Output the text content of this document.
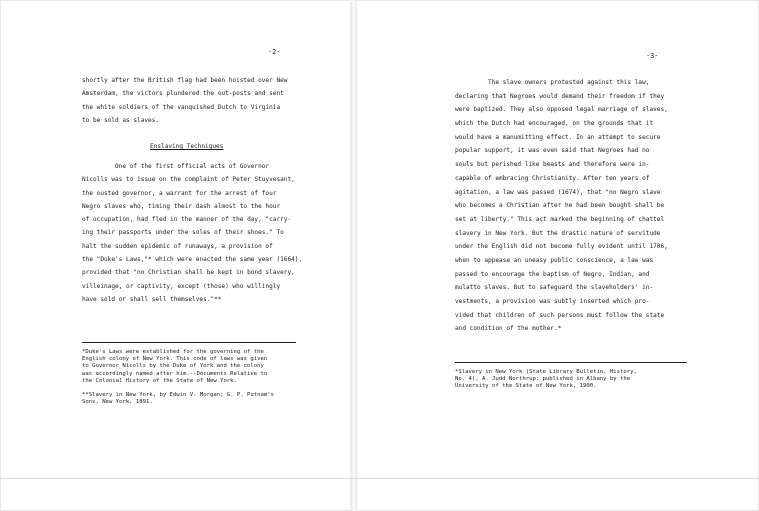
-2-
shortly after the British flag had been hoisted over New
Amsterdam, the victors plundered the out-posts and sent
the white soldiers of the vanquished Dutch to Virginia
to be sold as slaves.
Enslaving Techniques
One of the first official acts of Governor
Nicolls was to issue on the complaint of Peter Stuyvesant,
the ousted governor, a warrant for the arrest of four
Negro slaves who, timing their dash almost to the hour
of occupation, had fled in the manner of the day, "carry-
ing their passports under the soles of their shoes." To
halt the sudden epidemic of runaways, a provision of
the "Duke's Laws,"* which were enacted the same year (1664),
provided that "no Christian shall be kept in bond slavery,
villeinage, or captivity, except (those) who willingly
have sold or shall sell themselves."**
*Duke's Laws were established for the governing of the
English colony of New York. This code of laws was given
to Governor Nicolls by the Duke of York and the colony
was accordingly named after him.--Documents Relative to
the Colonial History of the State of New York.
**Slavery in New York, by Edwin V. Morgan; G. P. Putnam's
Sons, New York, 1891.
-3-
The slave owners protested against this law,
declaring that Negroes would demand their freedom if they
were baptized. They also opposed legal marriage of slaves,
which the Dutch had encouraged, on the grounds that it
would have a manumitting effect. In an attempt to secure
popular support, it was even said that Negroes had no
souls but perished like beasts and therefore were in-
capable of embracing Christianity. After ten years of
agitation, a law was passed (1674), that "no Negro slave
who becomes a Christian after he had been bought shall be
set at liberty." This act marked the beginning of chattel
slavery in New York. But the drastic nature of servitude
under the English did not become fully evident until 1706,
when to appease an uneasy public conscience, a law was
passed to encourage the baptism of Negro, Indian, and
mulatto slaves. But to safeguard the slaveholders' in-
vestments, a provision was subtly inserted which pro-
vided that children of such persons must follow the state
and condition of the mother.*
*Slavery in New York (State Library Bulletin, History,
No. 4), A. Judd Northrup; published in Albany by the
University of the State of New York, 1900.
